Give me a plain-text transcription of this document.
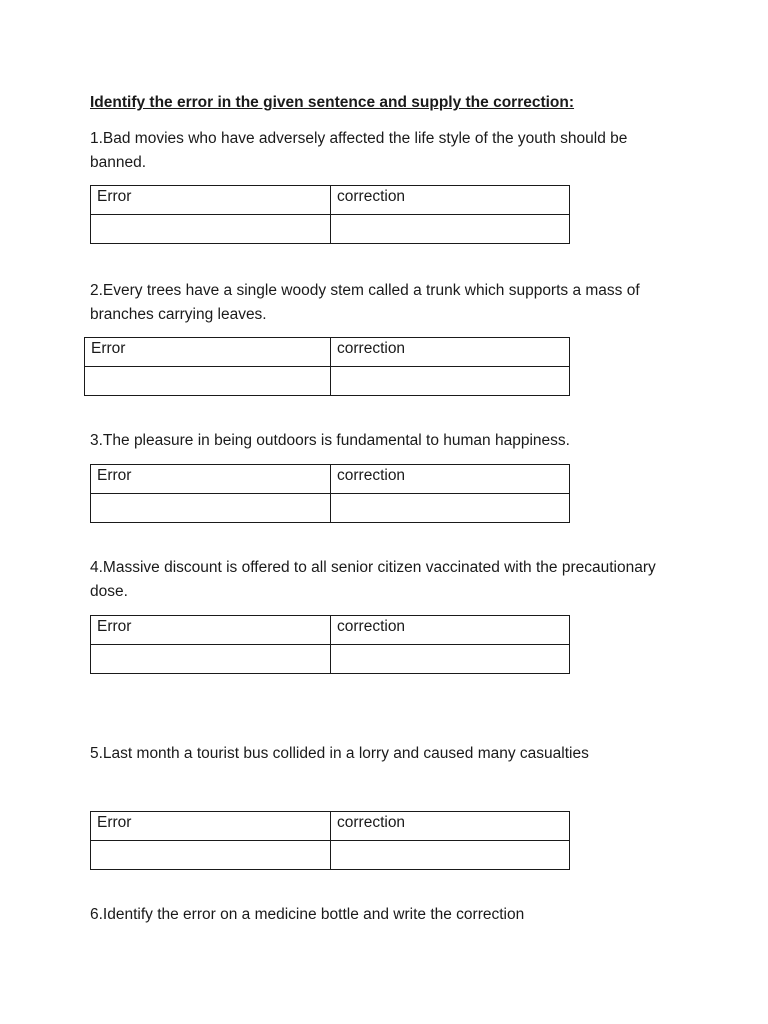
Identify the error in the given sentence and supply the correction:
1.Bad movies who have adversely affected the life style of the youth should be banned.
Error	correction

2.Every trees have a single woody stem called a trunk which supports a mass of branches carrying leaves.
Error	correction

3.The pleasure in being outdoors is fundamental to human happiness.
Error	correction

4.Massive discount is offered to all senior citizen vaccinated with the precautionary dose.
Error	correction

5.Last month a tourist bus collided in a lorry and caused many casualties
Error	correction

6.Identify the error on a medicine bottle and write the correction
